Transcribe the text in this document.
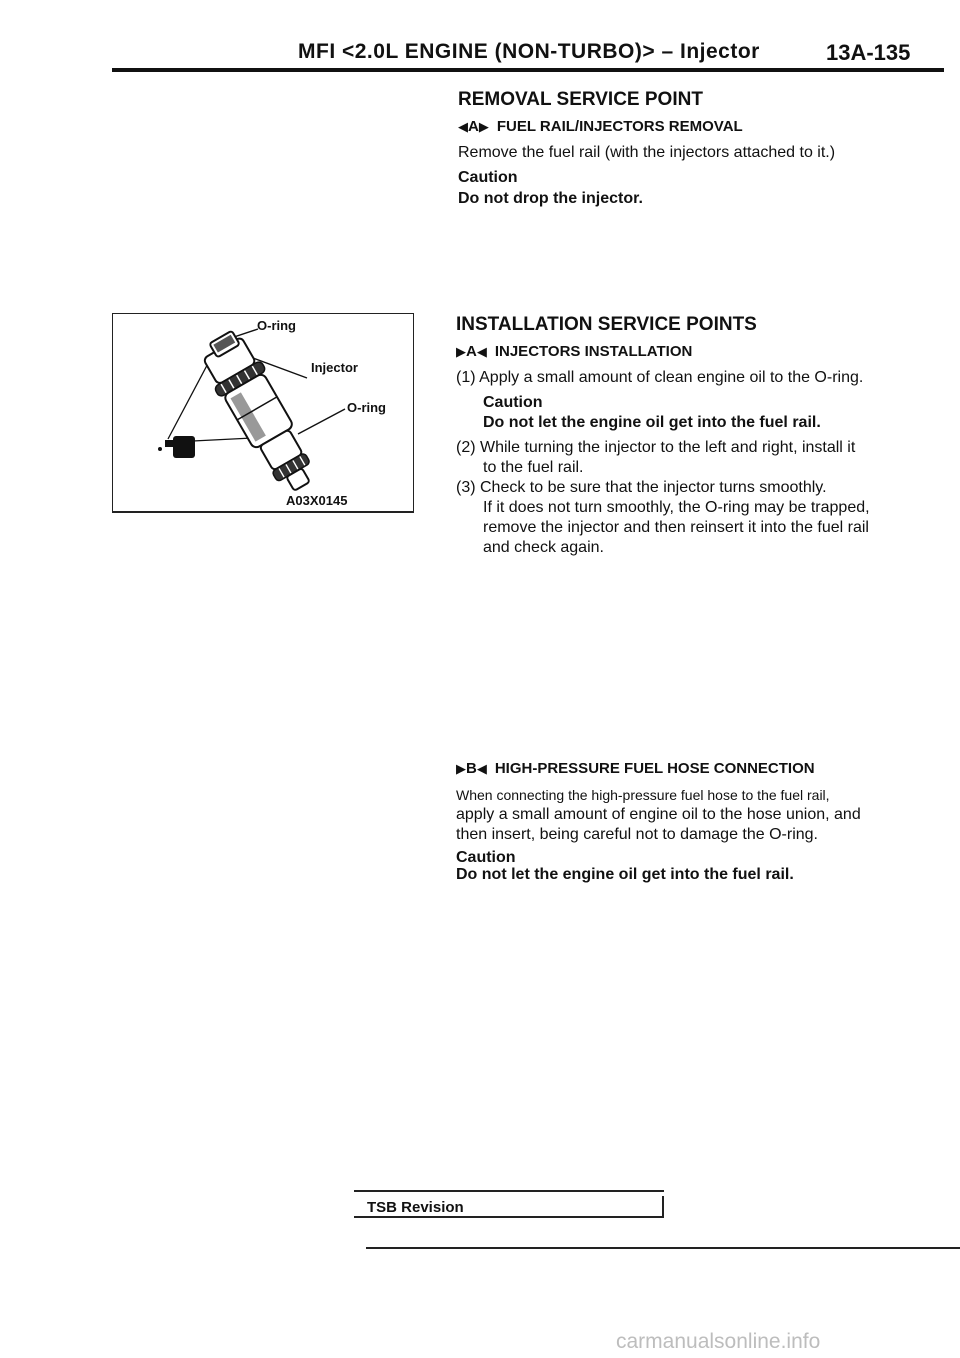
MFI <2.0L ENGINE (NON-TURBO)> – Injector	13A-135
REMOVAL SERVICE POINT
◀ A ▶ FUEL RAIL/INJECTORS REMOVAL
Remove the fuel rail (with the injectors attached to it.)
Caution
Do not drop the injector.
O-ring
Injector
O-ring
A03X0145
INSTALLATION SERVICE POINTS
▶ A ◀ INJECTORS INSTALLATION
(1) Apply a small amount of clean engine oil to the O-ring.
Caution
Do not let the engine oil get into the fuel rail.
(2) While turning the injector to the left and right, install it
to the fuel rail.
(3) Check to be sure that the injector turns smoothly.
If it does not turn smoothly, the O-ring may be trapped,
remove the injector and then reinsert it into the fuel rail
and check again.
▶ B ◀ HIGH-PRESSURE FUEL HOSE CONNECTION
When connecting the high-pressure fuel hose to the fuel rail,
apply a small amount of engine oil to the hose union, and
then insert, being careful not to damage the O-ring.
Caution
Do not let the engine oil get into the fuel rail.
TSB Revision
carmanualsonline.info
